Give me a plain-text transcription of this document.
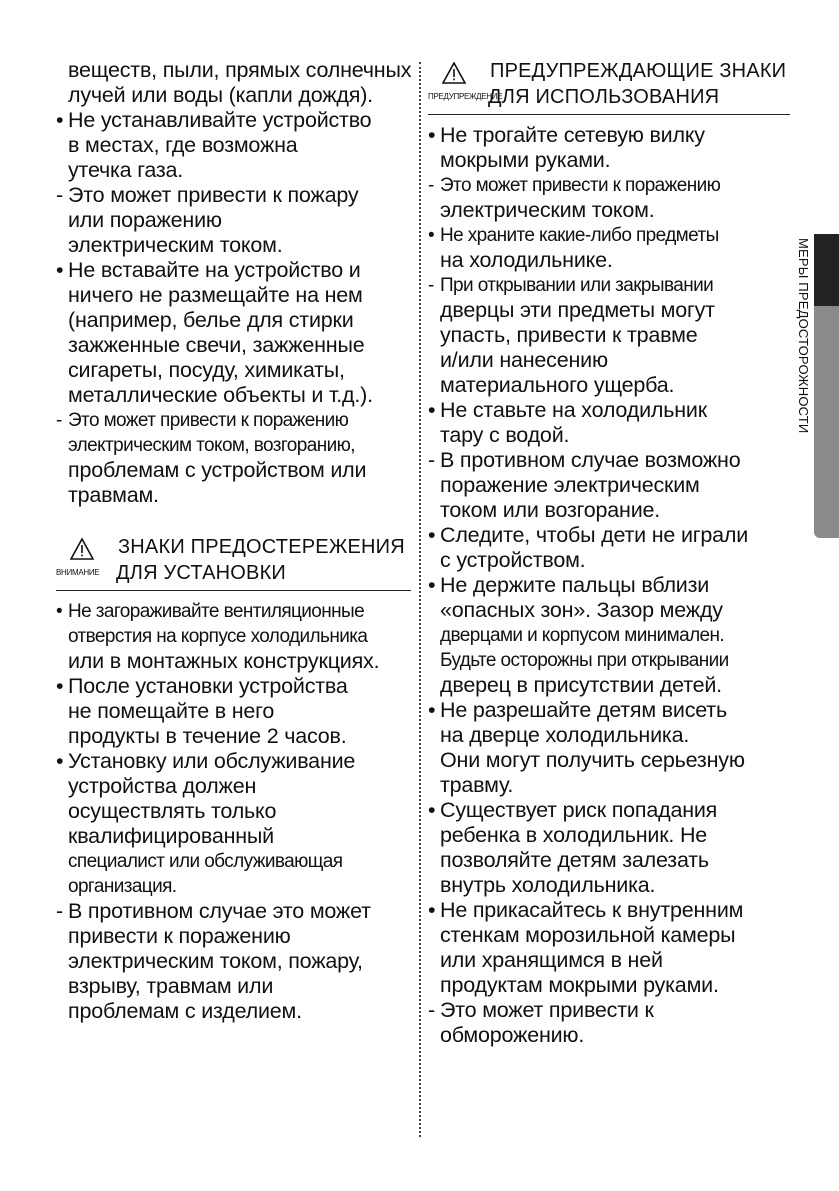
веществ, пыли, прямых солнечных
лучей или воды (капли дождя).
• Не устанавливайте устройство
в местах, где возможна
утечка газа.
- Это может привести к пожару
или поражению
электрическим током.
• Не вставайте на устройство и
ничего не размещайте на нем
(например, белье для стирки
зажженные свечи, зажженные
сигареты, посуду, химикаты,
металлические объекты и т.д.).
- Это может привести к поражению
электрическим током, возгоранию,
проблемам с устройством или
травмам.
ВНИМАНИЕ
ЗНАКИ ПРЕДОСТЕРЕЖЕНИЯ
ДЛЯ УСТАНОВКИ
• Не загораживайте вентиляционные
отверстия на корпусе холодильника
или в монтажных конструкциях.
• После установки устройства
не помещайте в него
продукты в течение 2 часов.
• Установку или обслуживание
устройства должен
осуществлять только
квалифицированный
специалист или обслуживающая
организация.
- В противном случае это может
привести к поражению
электрическим током, пожару,
взрыву, травмам или
проблемам с изделием.
ПРЕДУПРЕЖДЕНИЕ
ПРЕДУПРЕЖДАЮЩИЕ ЗНАКИ
ДЛЯ ИСПОЛЬЗОВАНИЯ
• Не трогайте сетевую вилку
мокрыми руками.
- Это может привести к поражению
электрическим током.
• Не храните какие-либо предметы
на холодильнике.
- При открывании или закрывании
дверцы эти предметы могут
упасть, привести к травме
и/или нанесению
материального ущерба.
• Не ставьте на холодильник
тару с водой.
- В противном случае возможно
поражение электрическим
током или возгорание.
• Следите, чтобы дети не играли
с устройством.
• Не держите пальцы вблизи
«опасных зон». Зазор между
дверцами и корпусом минимален.
Будьте осторожны при открывании
дверец в присутствии детей.
• Не разрешайте детям висеть
на дверце холодильника.
Они могут получить серьезную
травму.
• Существует риск попадания
ребенка в холодильник. Не
позволяйте детям залезать
внутрь холодильника.
• Не прикасайтесь к внутренним
стенкам морозильной камеры
или хранящимся в ней
продуктам мокрыми руками.
- Это может привести к
обморожению.
МЕРЫ ПРЕДОСТОРОЖНОСТИ
